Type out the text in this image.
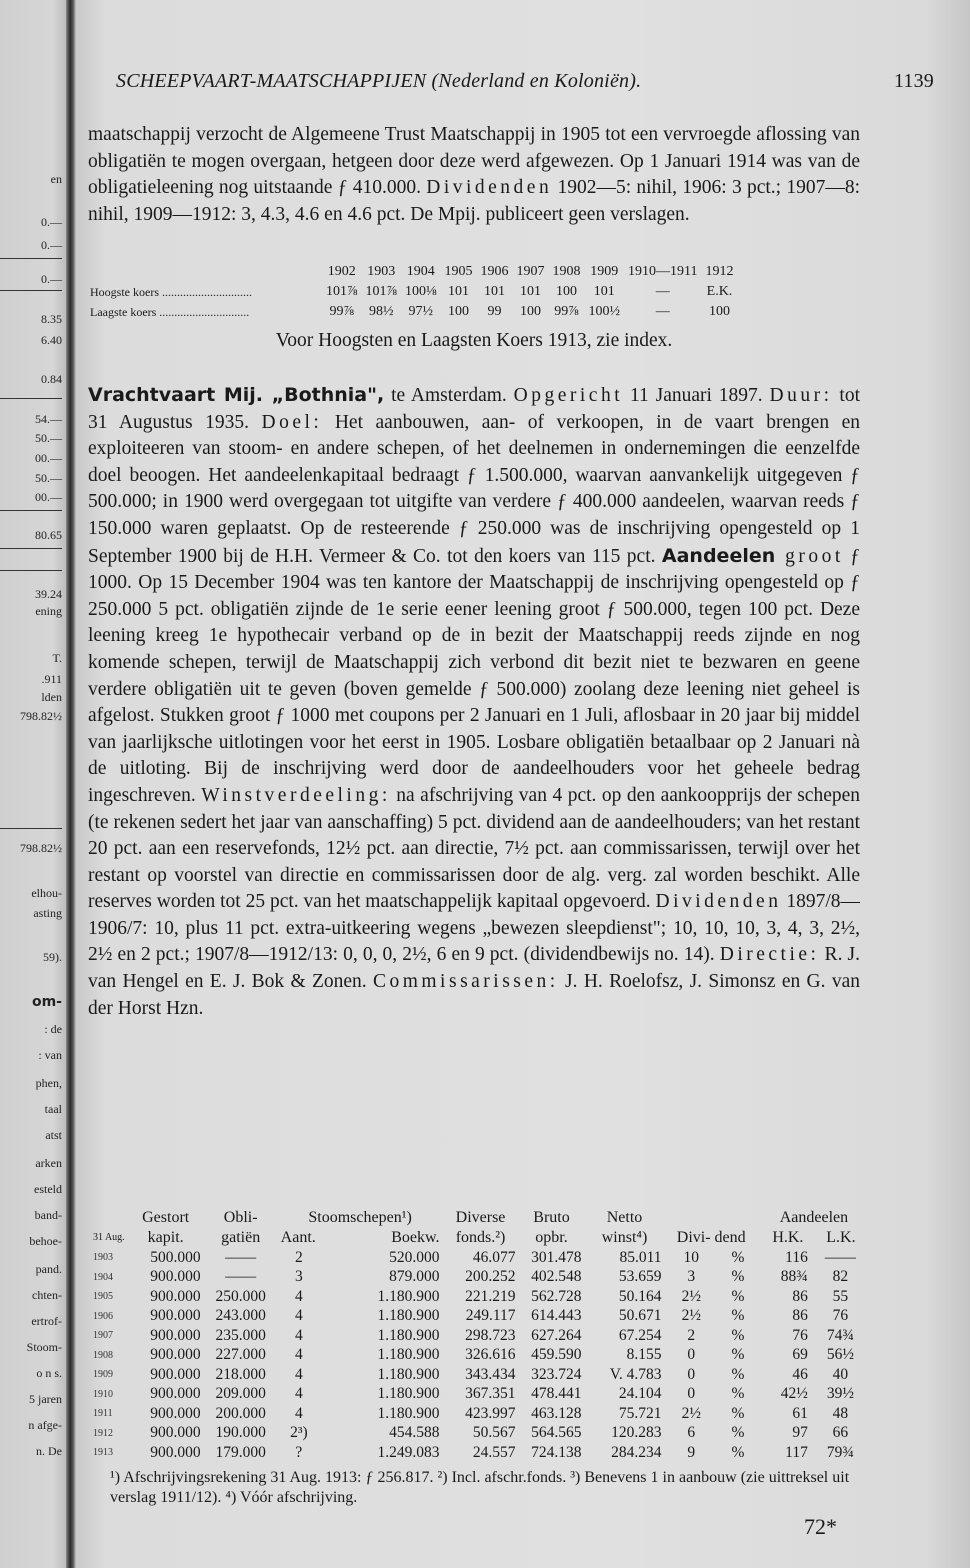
en
0.—
0.—
0.—
8.35
6.40
0.84
54.—
50.—
00.—
50.—
00.—
80.65
39.24
ening
T.
.911
lden
798.82½
798.82½
elhou-
asting
59).
om-
: de
: van
phen,
taal
atst
arken
esteld
band-
behoe-
pand.
chten-
ertrof-
Stoom-
o n s.
5 jaren
n afge-
n. De
SCHEEPVAART-MAATSCHAPPIJEN (Nederland en Koloniën).	1139

maatschappij verzocht de Algemeene Trust Maatschappij in 1905 tot een vervroegde aflossing van obligatiën te mogen overgaan, hetgeen door deze werd afgewezen. Op 1 Januari 1914 was van de obligatieleening nog uitstaande ƒ 410.000. Dividenden 1902—5: nihil, 1906: 3 pct.; 1907—8: nihil, 1909—1912: 3, 4.3, 4.6 en 4.6 pct. De Mpij. publiceert geen verslagen.

	1902	1903	1904	1905	1906	1907	1908	1909	1910—1911	1912
Hoogste koers ..............................	101⅞	101⅞	100⅛	101	101	101	100	101	—	E.K.
Laagste koers ..............................	99⅞	98½	97½	100	99	100	99⅞	100½	—	100
Voor Hoogsten en Laagsten Koers 1913, zie index.

Vrachtvaart Mij. „Bothnia", te Amsterdam. Opgericht 11 Januari 1897. Duur: tot 31 Augustus 1935. Doel: Het aanbouwen, aan- of verkoopen, in de vaart brengen en exploiteeren van stoom- en andere schepen, of het deelnemen in ondernemingen die eenzelfde doel beoogen. Het aandeelenkapitaal bedraagt ƒ 1.500.000, waarvan aanvankelijk uitgegeven ƒ 500.000; in 1900 werd overgegaan tot uitgifte van verdere ƒ 400.000 aandeelen, waarvan reeds ƒ 150.000 waren geplaatst. Op de resteerende ƒ 250.000 was de inschrijving opengesteld op 1 September 1900 bij de H.H. Vermeer & Co. tot den koers van 115 pct. Aandeelen groot ƒ 1000. Op 15 December 1904 was ten kantore der Maatschappij de inschrijving opengesteld op ƒ 250.000 5 pct. obligatiën zijnde de 1e serie eener leening groot ƒ 500.000, tegen 100 pct. Deze leening kreeg 1e hypothecair verband op de in bezit der Maatschappij reeds zijnde en nog komende schepen, terwijl de Maatschappij zich verbond dit bezit niet te bezwaren en geene verdere obligatiën uit te geven (boven gemelde ƒ 500.000) zoolang deze leening niet geheel is afgelost. Stukken groot ƒ 1000 met coupons per 2 Januari en 1 Juli, aflosbaar in 20 jaar bij middel van jaarlijksche uitlotingen voor het eerst in 1905. Losbare obligatiën betaalbaar op 2 Januari nà de uitloting. Bij de inschrijving werd door de aandeelhouders voor het geheele bedrag ingeschreven. Winstverdeeling: na afschrijving van 4 pct. op den aankoopprijs der schepen (te rekenen sedert het jaar van aanschaffing) 5 pct. dividend aan de aandeelhouders; van het restant 20 pct. aan een reservefonds, 12½ pct. aan directie, 7½ pct. aan commissarissen, terwijl over het restant op voorstel van directie en commissarissen door de alg. verg. zal worden beschikt. Alle reserves worden tot 25 pct. van het maatschappelijk kapitaal opgevoerd. Dividenden 1897/8—1906/7: 10, plus 11 pct. extra-uitkeering wegens „bewezen sleepdienst"; 10, 10, 10, 3, 4, 3, 2½, 2½ en 2 pct.; 1907/8—1912/13: 0, 0, 0, 2½, 6 en 9 pct. (dividendbewijs no. 14). Directie: R. J. van Hengel en E. J. Bok & Zonen. Commissarissen: J. H. Roelofsz, J. Simonsz en G. van der Horst Hzn.

31 Aug.	Gestort kapit.	Obli- gatiën	
Stoomschepen¹)
Aant.	Boekw.
	Diverse fonds.²)	Bruto opbr.	Netto winst⁴)	Divi- dend	
Aandeelen
H.K. L.K.

1903	500.000	——	2	520.000	46.077	301.478	85.011	10	%	116	——
1904	900.000	——	3	879.000	200.252	402.548	53.659	3	%	88¾	82
1905	900.000	250.000	4	1.180.900	221.219	562.728	50.164	2½	%	86	55
1906	900.000	243.000	4	1.180.900	249.117	614.443	50.671	2½	%	86	76
1907	900.000	235.000	4	1.180.900	298.723	627.264	67.254	2	%	76	74¾
1908	900.000	227.000	4	1.180.900	326.616	459.590	8.155	0	%	69	56½
1909	900.000	218.000	4	1.180.900	343.434	323.724	V. 4.783	0	%	46	40
1910	900.000	209.000	4	1.180.900	367.351	478.441	24.104	0	%	42½	39½
1911	900.000	200.000	4	1.180.900	423.997	463.128	75.721	2½	%	61	48
1912	900.000	190.000	2³)	454.588	50.567	564.565	120.283	6	%	97	66
1913	900.000	179.000	?	1.249.083	24.557	724.138	284.234	9	%	117	79¾

¹) Afschrijvingsrekening 31 Aug. 1913: ƒ 256.817. ²) Incl. afschr.fonds. ³) Benevens 1 in aanbouw (zie uittreksel uit verslag 1911/12). ⁴) Vóór afschrijving.

72*
